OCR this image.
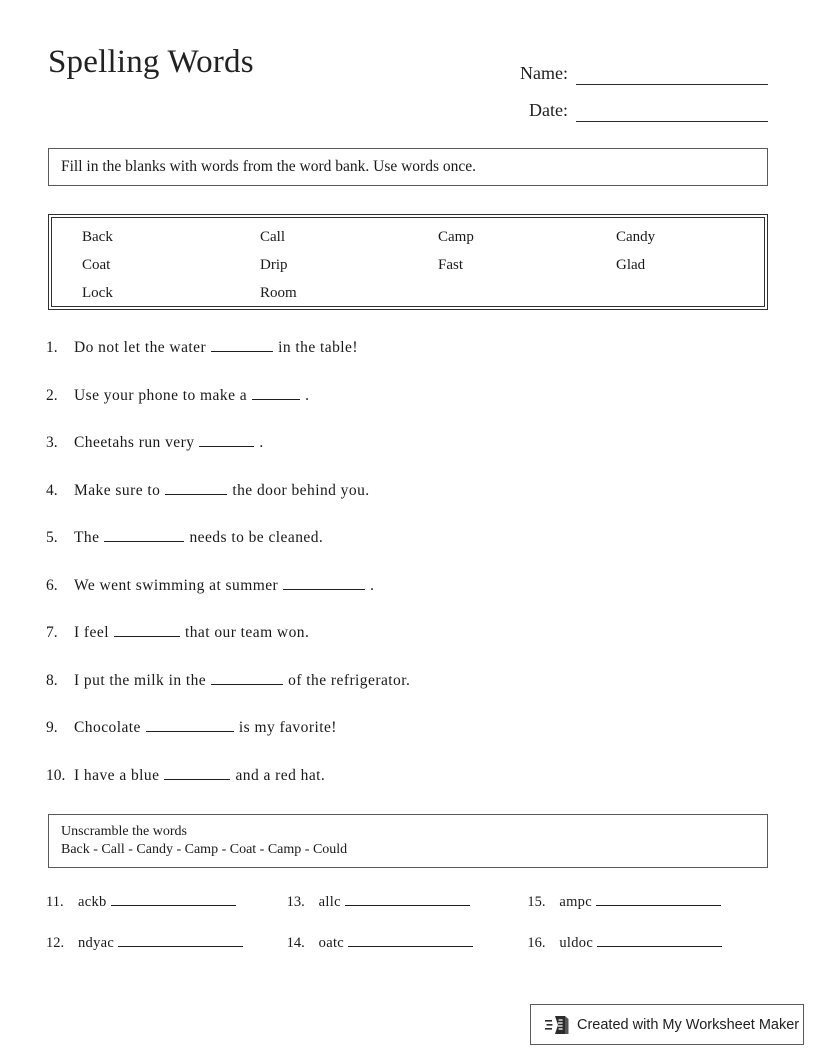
Spelling Words	Name:
Date:
Fill in the blanks with words from the word bank. Use words once.
Back	Call	Camp	Candy
Coat	Drip	Fast	Glad
Lock	Room
1.	Do not let the water	in the table!
2.	Use your phone to make a	.
3.	Cheetahs run very	.
4.	Make sure to	the door behind you.
5.	The	needs to be cleaned.
6.	We went swimming at summer	.
7.	I feel	that our team won.
8.	I put the milk in the	of the refrigerator.
9.	Chocolate	is my favorite!
10. I have a blue	and a red hat.
Unscramble the words
Back - Call - Candy - Camp - Coat - Camp - Could
11. ackb	13. allc	15. ampc
12. ndyac	14. oatc	16. uldoc
Created with My Worksheet Maker
